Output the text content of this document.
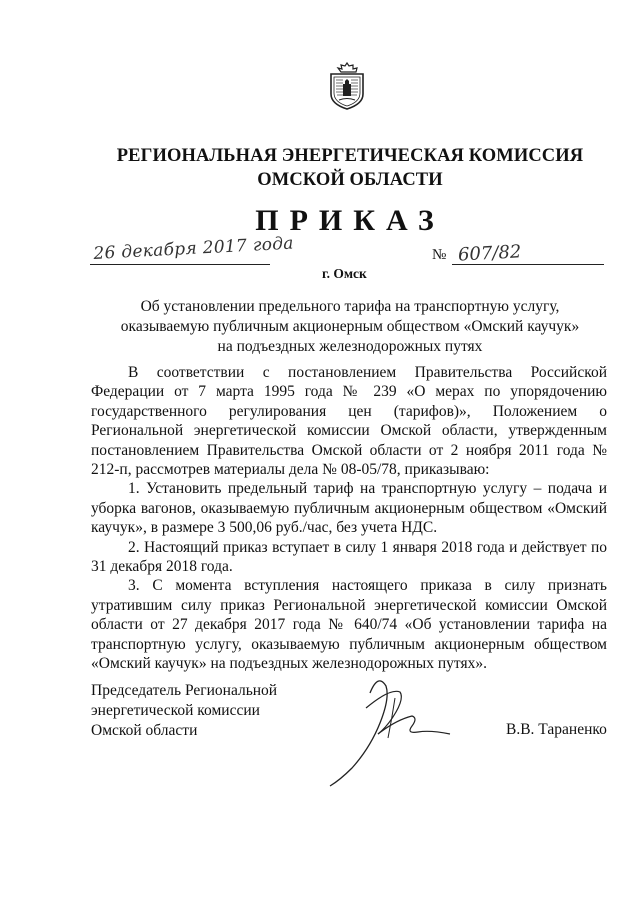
РЕГИОНАЛЬНАЯ ЭНЕРГЕТИЧЕСКАЯ КОМИССИЯ
ОМСКОЙ ОБЛАСТИ
ПРИКАЗ
26 декабря 2017 года	№ 607/82
г. Омск
Об установлении предельного тарифа на транспортную услугу,
оказываемую публичным акционерным обществом «Омский каучук»
на подъездных железнодорожных путях

В соответствии с постановлением Правительства Российской Федерации от 7 марта 1995 года № 239 «О мерах по упорядочению государственного регулирования цен (тарифов)», Положением о Региональной энергетической комиссии Омской области, утвержденным постановлением Правительства Омской области от 2 ноября 2011 года № 212-п, рассмотрев материалы дела № 08-05/78, приказываю:

1. Установить предельный тариф на транспортную услугу – подача и уборка вагонов, оказываемую публичным акционерным обществом «Омский каучук», в размере 3 500,06 руб./час, без учета НДС.

2. Настоящий приказ вступает в силу 1 января 2018 года и действует по 31 декабря 2018 года.

3. С момента вступления настоящего приказа в силу признать утратившим силу приказ Региональной энергетической комиссии Омской области от 27 декабря 2017 года № 640/74 «Об установлении тарифа на транспортную услугу, оказываемую публичным акционерным обществом «Омский каучук» на подъездных железнодорожных путях».

Председатель Региональной
энергетической комиссии
Омской области	В.В. Тараненко
